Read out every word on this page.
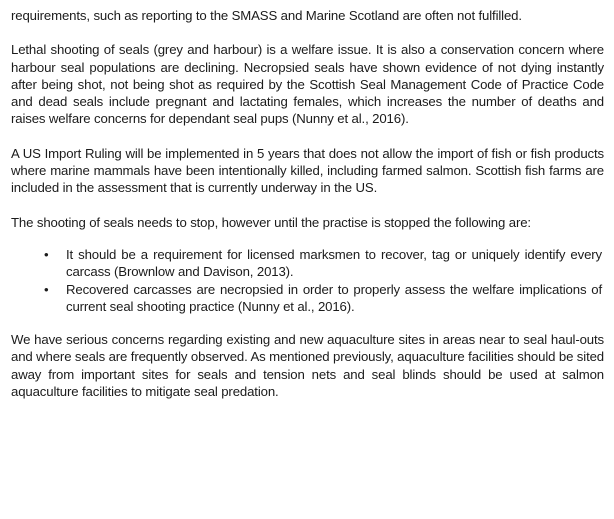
requirements, such as reporting to the SMASS and Marine Scotland are often not fulfilled.

Lethal shooting of seals (grey and harbour) is a welfare issue. It is also a conservation concern where harbour seal populations are declining. Necropsied seals have shown evidence of not dying instantly after being shot, not being shot as required by the Scottish Seal Management Code of Practice Code and dead seals include pregnant and lactating females, which increases the number of deaths and raises welfare concerns for dependant seal pups (Nunny et al., 2016).

A US Import Ruling will be implemented in 5 years that does not allow the import of fish or fish products where marine mammals have been intentionally killed, including farmed salmon. Scottish fish farms are included in the assessment that is currently underway in the US.

The shooting of seals needs to stop, however until the practise is stopped the following are:

• It should be a requirement for licensed marksmen to recover, tag or uniquely identify every carcass (Brownlow and Davison, 2013).
• Recovered carcasses are necropsied in order to properly assess the welfare implications of current seal shooting practice (Nunny et al., 2016).

We have serious concerns regarding existing and new aquaculture sites in areas near to seal haul-outs and where seals are frequently observed. As mentioned previously, aquaculture facilities should be sited away from important sites for seals and tension nets and seal blinds should be used at salmon aquaculture facilities to mitigate seal predation.
